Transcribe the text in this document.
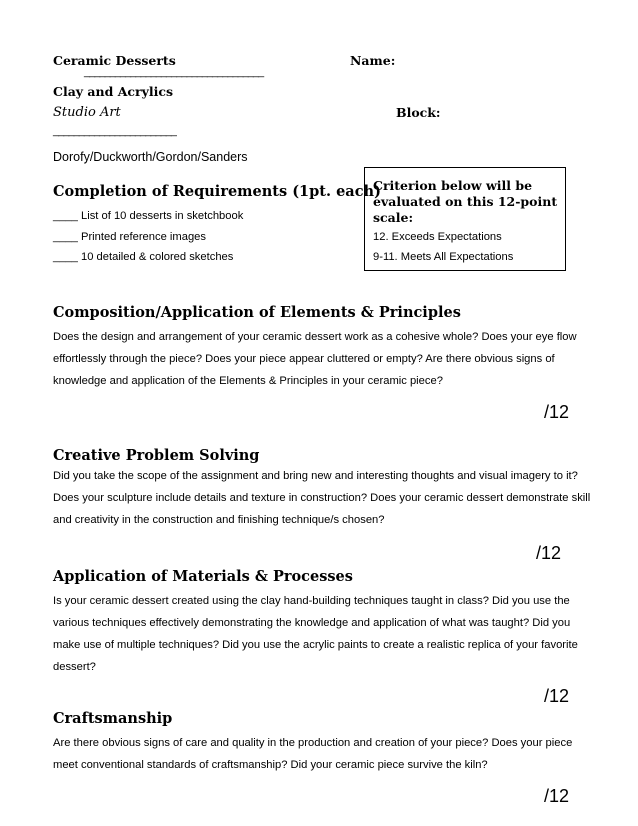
Ceramic Desserts	Name:
___________________________________
Clay and Acrylics
Studio Art	Block:
________________________
Dorofy/Duckworth/Gordon/Sanders
Completion of Requirements (1pt. each)
____ List of 10 desserts in sketchbook
____ Printed reference images
____ 10 detailed & colored sketches
Criterion below will be evaluated on this 12-point scale:
12. Exceeds Expectations
9-11. Meets All Expectations
Composition/Application of Elements & Principles
Does the design and arrangement of your ceramic dessert work as a cohesive whole? Does your eye flow effortlessly through the piece? Does your piece appear cluttered or empty? Are there obvious signs of knowledge and application of the Elements & Principles in your ceramic piece?
/12
Creative Problem Solving
Did you take the scope of the assignment and bring new and interesting thoughts and visual imagery to it? Does your sculpture include details and texture in construction? Does your ceramic dessert demonstrate skill and creativity in the construction and finishing technique/s chosen?
/12
Application of Materials & Processes
Is your ceramic dessert created using the clay hand-building techniques taught in class? Did you use the various techniques effectively demonstrating the knowledge and application of what was taught? Did you make use of multiple techniques? Did you use the acrylic paints to create a realistic replica of your favorite dessert?
/12
Craftsmanship
Are there obvious signs of care and quality in the production and creation of your piece? Does your piece meet conventional standards of craftsmanship? Did your ceramic piece survive the kiln?
/12
